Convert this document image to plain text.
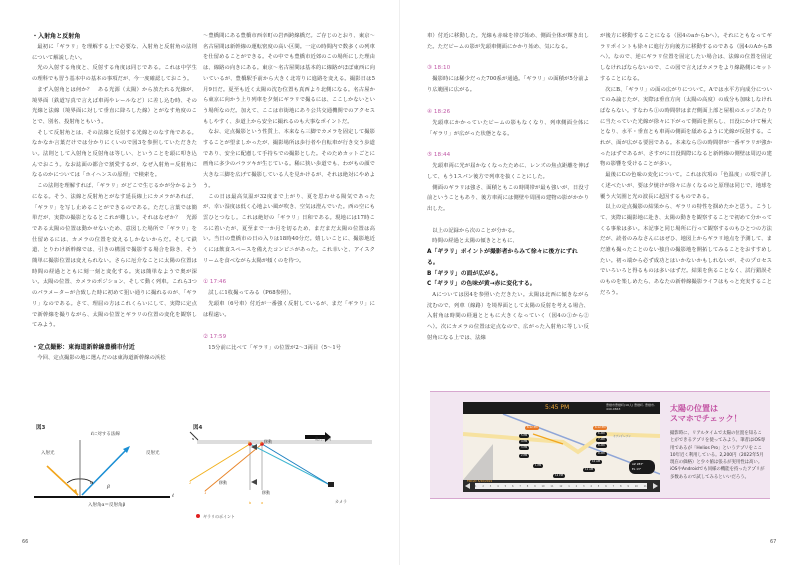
・入射角と反射角

最初に「ギラリ」を理解する上で必要な、入射角と反射角の法則について解説したい。

光の入射する角度と、反射する角度は同じである。これは中学生の理科でも習う基本中の基本の事項だが、今一度確認しておこう。

まず入射角とは何か？　ある光源（太陽）から放たれる光線が、境界面（鉄道写真で言えば車両やレールなど）に差し込む時、その光線と法線（境界面に対して垂直に降ろした線）とがなす角度のことで、別名、投射角ともいう。

そして反射角とは、その法線と反射する光線とのなす角である。なかなか言葉だけでは分かりにくいので図3を参照していただきたい。法則として入射角と反射角は等しい、ということを頭に叩き込んでおこう。なお誌面の都合で割愛するが、なぜ入射角＝反射角になるのかについては「ホイヘンスの原理」で検索を。

この法則を理解すれば、「ギラリ」がどこで生じるかが分かるようになる。そう、法線と反射角とがなす延長線上にカメラがあれば、「ギラリ」を写し止めることができるのである。ただし言葉では簡単だが、実際の撮影となるとこれが難しい。それはなぜか？　光源である太陽の位置は動かせないため、意図した場所で「ギラリ」を仕留めるには、カメラの位置を変えるしかないからだ。そして鉄道、とりわけ新幹線では、引きの構図で撮影する場合を除き、そう簡単に撮影位置は変えられない。さらに厄介なことに太陽の位置は時間の経過とともに刻一刻と変化する。実は簡単なようで奥が深い。太陽の位置、カメラのポジション、そして動く列車。これら3つのパラメーターが合致した時に初めて狙い通りに撮れるのが、「ギラリ」なのである。さて、理屈の方はこれくらいにして、実際に定点で新幹線を撮りながら、太陽の位置とギラリの位置の変化を観察してみよう。

・定点撮影：東海道新幹線豊橋市付近

今回、定点撮影の地に選んだのは東海道新幹線の浜松

〜豊橋間にある豊橋市西幸町の岩西跨線橋だ。ご存じのとおり、東京〜名古屋間は新幹線の運転密度の高い区間。一定の時間内で数多くの列車を仕留めることができる。その中でも豊橋市近郊のこの場所にした理由は、線路の向きにある。東京〜名古屋間は基本的に線路がほぼ東西に向いているが、豊橋駅手前から大きく北寄りに進路を変える。撮影日は5月9日だ。夏至も近く太陽の沈む位置も真西より北側になる。名古屋から東京に向かう上り列車を夕刻にギラリで撮るには、ここしかないという場所なのだ。加えて、ここは市街地にあり公共交通機関でのアクセスもしやすく、歩道上から安全に撮れるのも大事なポイントだ。

なお、定点撮影という性質上、本来なら三脚でカメラを固定して撮影することが望ましかったが、撮影場所は歩行者や自転車が行き交う歩道であり、安全に配慮して手持ちでの撮影とした。そのためカットごとに画角に多少のバラツキが生じている。稀に狭い歩道でも、わがもの顔で大きな三脚を広げて撮影している人を見かけるが、それは絶対にやめよう。

この日は最高気温が32度まで上がり、夏を思わせる陽気であったが、幸い湿度は低く心地よい風が吹き、空気は澄んでいた。西の空にも雲ひとつなし。これは絶好の「ギラリ」日和である。現地には17時ころに着いたが、夏至まで一か月を切るため、まだまだ太陽の位置は高い。当日の豊橋市の日の入りは18時40分だ。嬉しいことに、撮影地近くには飲食スペースを備えたコンビニがあった。これ幸いと、アイスクリームを食べながら太陽が傾くのを待つ。

① 17:46

試しに1枚撮ってみる（P68参照）。

先頭車（6号車）付近が一番強く反射しているが、まだ「ギラリ」には程遠い。

② 17:59

15分前に比べて「ギラリ」の位置が2〜3両目（5〜1号

図3
ℓに対する法線
入射光	反射光
α
β
ℓ
入射角α＝反射角β
図4
移動
進行方向
移動
移動
カメラ
ギラリのポイント
B	A
b	a
2
1
N
66

車）付近に移動した。光線も赤味を帯び始め、側面全体が輝き出した。ただビームの影が先頭車側面にかかり始め、気になる。

③ 18:10

撮影時には稀少だった700系が通過。「ギラリ」の面積が5分前より広範囲に広がる。

④ 18:26

先頭車にかかっていたビームの影もなくなり、列車側面全体に「ギラリ」が広がった状態となる。

⑤ 18:44

先頭車両に光が届かなくなったために、レンズの焦点距離を伸ばして、もう1スパン後方で列車を抜くことにした。

側面のギラリは強さ、面積ともこの時間帯が最も強いが、日没寸前ということもあり、後方車両には側壁や周囲の建物の影がかかり出した。

以上の記録から次のことが分かる。

時間の経過と太陽の傾きとともに、

A「ギラリ」ポイントが撮影者からみて徐々に後方にずれる。
B「ギラリ」の面が広がる。
C「ギラリ」の色味が黄→赤に変化する。

Aについては図4を参照いただきたい。太陽は北西に傾きながら沈むので、列車（線路）を境界面として太陽の反射を考える場合、入射角は時間の経過とともに大きくなっていく（図4の①から②へ）。次にカメラの位置は定点なので、広がった入射角に等しい反射角になる上では、法線

が後方に移動することになる（図4のaからbへ）。それにともなってギラリポイントも徐々に進行方向後方に移動するのである（図4のAからBへ）。なので、逆にギラリ位置を固定したい場合は、法線の位置を固定しなければならないので、この図で言えばカメラをより線路側にセットすることになる。

次にB、「ギラリ」の面の広がりについて。Aでは水平方向成分についてのみ論じたが、実際は垂直方向（太陽の高度）の成分も加味しなければならない。すなわち①の時間帯はまだ側面上部と屋根のエッジあたりに当たっていた光線が徐々に下がって側面を照らし、日没にかけて極大となり、水平・垂直とも車両の側面を舐めるように光線が反射する。これが、面が広がる要因である。本来なら⑤の時間帯が一番ギラリが強かったはずであるが、さすがに日没間際になると新幹線の側壁は周辺の建物の影響を受けることが多い。

最後にCの色味の変化について。これは次項の「色温度」の項で詳しく述べたいが、要は夕焼けが徐々に赤くなるのと原理は同じで、地球を覆う大気圏と光の波長に起因するものである。

以上の定点撮影の結果から、ギラリの特性を掴めたかと思う。こうして、実際に撮影地に赴き、太陽の動きを観察することで初めて分かってくる事象は多い。本記事と同じ場所に行って観察するのもひとつの方法だが、読者のみなさんにはぜひ、地図上からギラリ地点を予測して、まだ誰も撮ったことのない独自の撮影地を開拓してみることをおすすめしたい。初っ端から必ず成功とはいかないかもしれないが、そのプロセスでいろいろと得るものは多いはずだ。結果を焦ることなく、試行錯誤そのものを楽しめたら、あなたの新幹線撮影ライフはもっと充実することだろう。

5:45 PM	豊橋市豊橋町(16人) 豊橋町, 豊橋市, 440-0843
6:12 PM	6:12 PM
5 PM
4 PM
3 PM
2 PM
1 PM
6 AM
7 AM
8 AM
9 AM
10 AM
11 AM
12 PM
セブンイレブン
AZ 283°
EL 13°
FRIDAY 5/20/2019
1 2 3 4 5 6 7 8 9 10 11 12 1 2 3 4 5 6 7 8 9 10 11
太陽の位置は
スマホでチェック！
撮影時に、リアルタイムで太陽の位置を知ることができるアプリを使ってみよう。筆者はiOS専用であるが「Helios Pro」というアプリをここ10年近く利用している。2,200円（2022年5月現在の価格）と少々値は張るが実用性は高い。iOSやAndroidでも同様の機能を持ったアプリが多数あるので試してみるといいだろう。
67
